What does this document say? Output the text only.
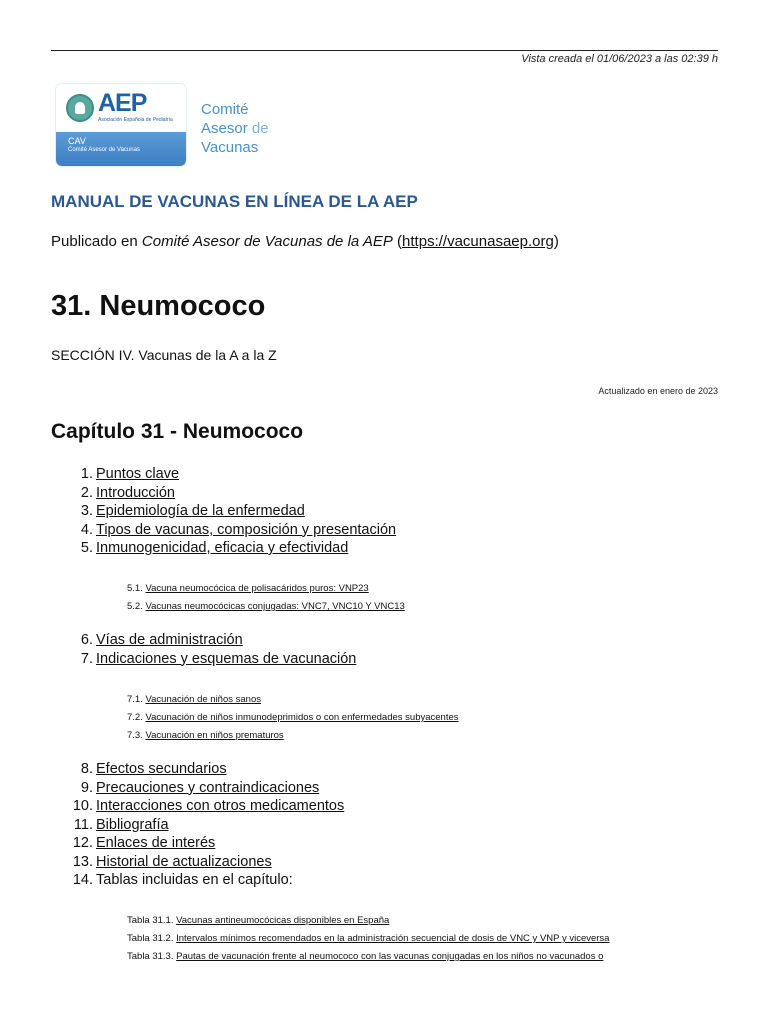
Vista creada el 01/06/2023 a las 02:39 h
AEP
Asociación Española de Pediatría
CAV
Comité Asesor de Vacunas
Comité
Asesor de
Vacunas
MANUAL DE VACUNAS EN LÍNEA DE LA AEP
Publicado en Comité Asesor de Vacunas de la AEP (https://vacunasaep.org)
31. Neumococo
SECCIÓN IV. Vacunas de la A a la Z
Actualizado en enero de 2023
Capítulo 31 - Neumococo
1. Puntos clave
2. Introducción
3. Epidemiología de la enfermedad
4. Tipos de vacunas, composición y presentación
5. Inmunogenicidad, eficacia y efectividad
5.1. Vacuna neumocócica de polisacáridos puros: VNP23
5.2. Vacunas neumocócicas conjugadas: VNC7, VNC10 Y VNC13
6. Vías de administración
7. Indicaciones y esquemas de vacunación
7.1. Vacunación de niños sanos
7.2. Vacunación de niños inmunodeprimidos o con enfermedades subyacentes
7.3. Vacunación en niños prematuros
8. Efectos secundarios
9. Precauciones y contraindicaciones
10. Interacciones con otros medicamentos
11. Bibliografía
12. Enlaces de interés
13. Historial de actualizaciones
14. Tablas incluidas en el capítulo:
Tabla 31.1. Vacunas antineumocócicas disponibles en España
Tabla 31.2. Intervalos mínimos recomendados en la administración secuencial de dosis de VNC y VNP y viceversa
Tabla 31.3. Pautas de vacunación frente al neumococo con las vacunas conjugadas en los niños no vacunados o
